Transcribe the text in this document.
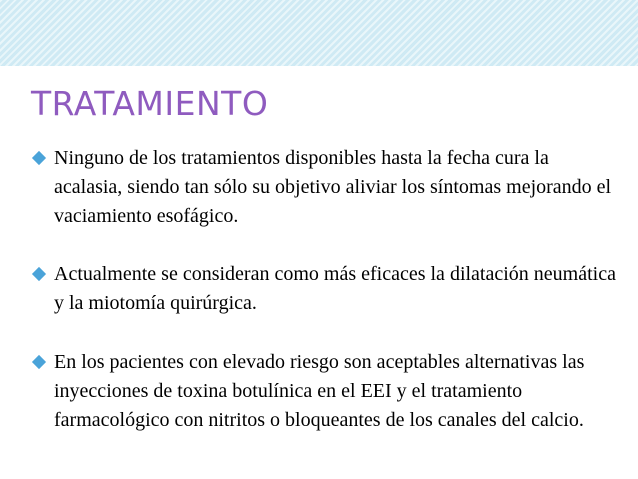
TRATAMIENTO
Ninguno de los tratamientos disponibles hasta la fecha cura la acalasia, siendo tan sólo su objetivo aliviar los síntomas mejorando el vaciamiento esofágico.
Actualmente se consideran como más eficaces la dilatación neumática y la miotomía quirúrgica.
En los pacientes con elevado riesgo son aceptables alternativas las inyecciones de toxina botulínica en el EEI y el tratamiento farmacológico con nitritos o bloqueantes de los canales del calcio.
